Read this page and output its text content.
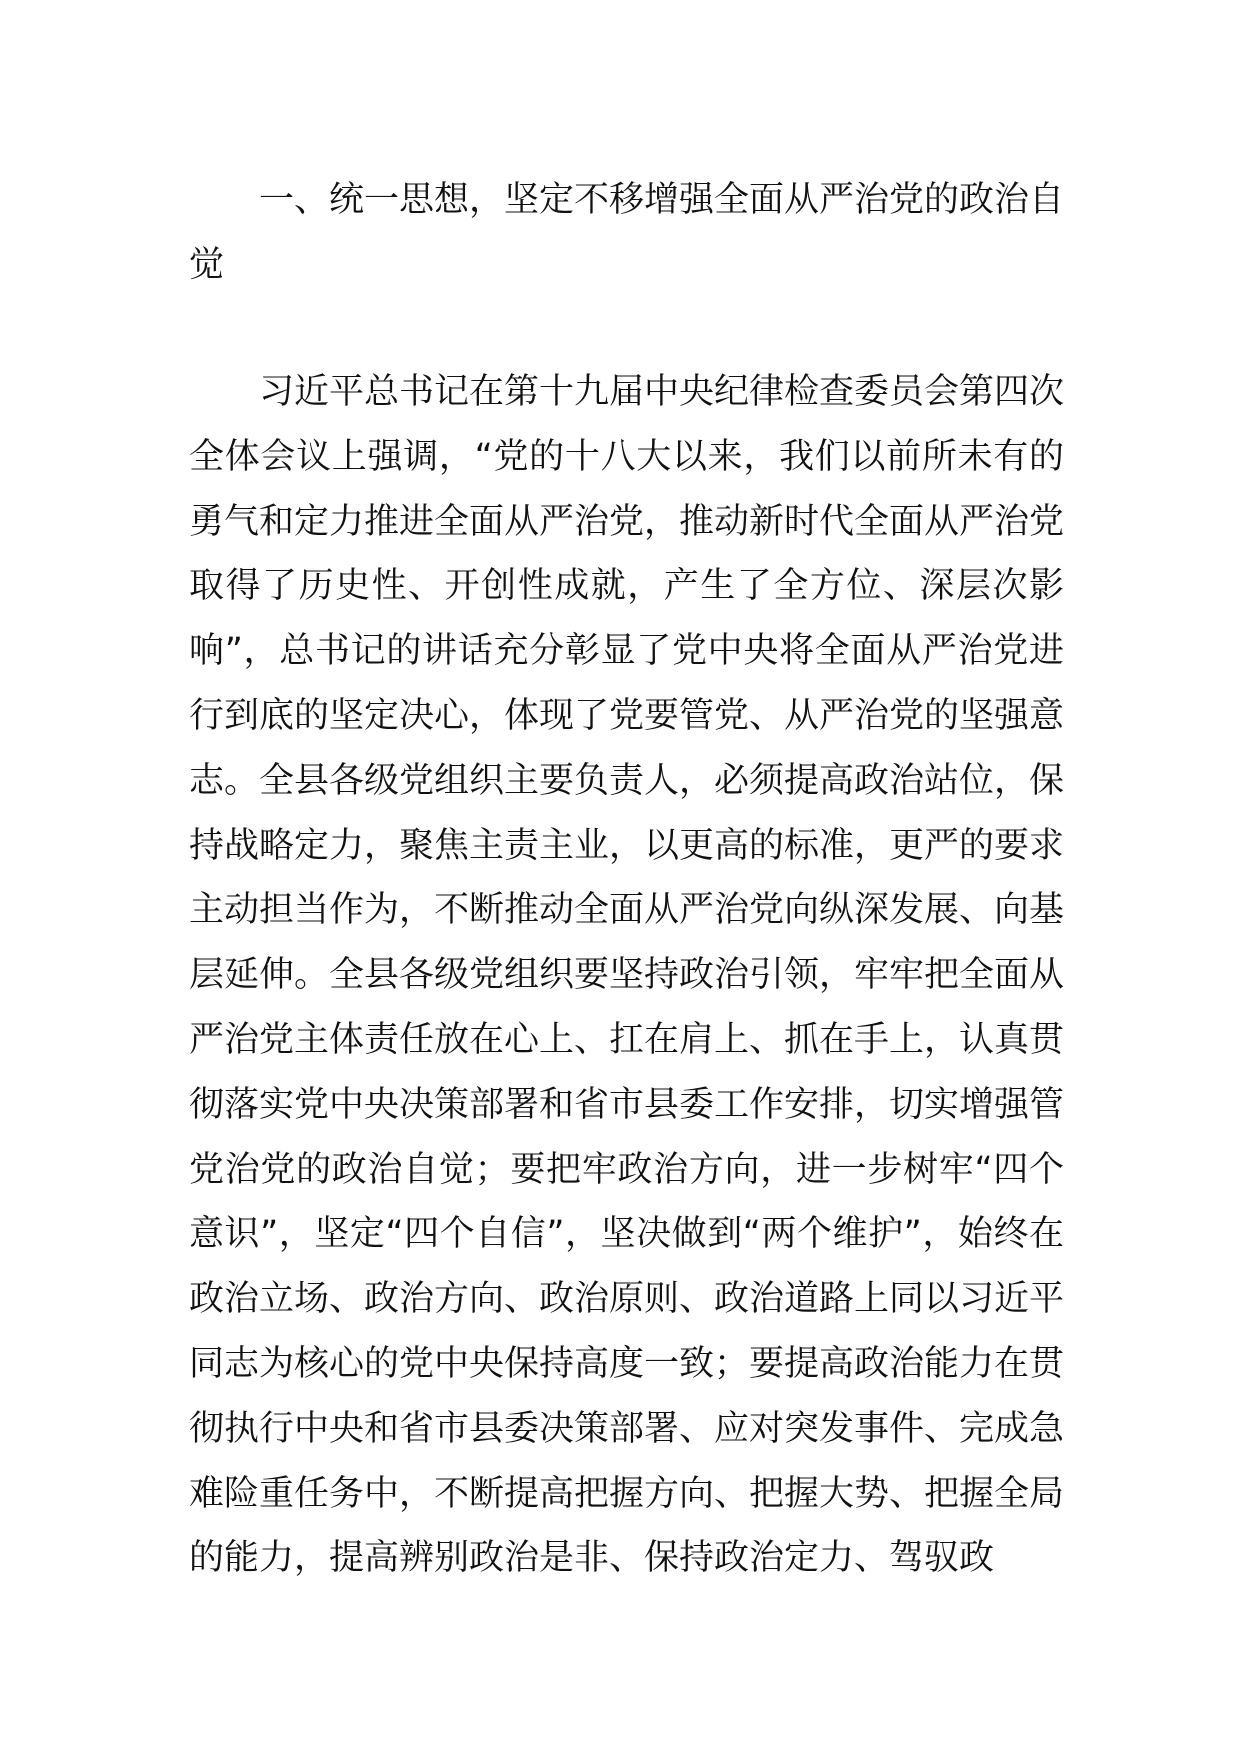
一、统一思想，坚定不移增强全面从严治党的政治自觉

习近平总书记在第十九届中央纪律检查委员会第四次全体会议上强调，“党的十八大以来，我们以前所未有的勇气和定力推进全面从严治党，推动新时代全面从严治党取得了历史性、开创性成就，产生了全方位、深层次影响”，总书记的讲话充分彰显了党中央将全面从严治党进行到底的坚定决心，体现了党要管党、从严治党的坚强意志。全县各级党组织主要负责人，必须提高政治站位，保持战略定力，聚焦主责主业，以更高的标准，更严的要求主动担当作为，不断推动全面从严治党向纵深发展、向基层延伸。全县各级党组织要坚持政治引领，牢牢把全面从严治党主体责任放在心上、扛在肩上、抓在手上，认真贯彻落实党中央决策部署和省市县委工作安排，切实增强管党治党的政治自觉；要把牢政治方向，进一步树牢“四个意识”，坚定“四个自信”，坚决做到“两个维护”，始终在政治立场、政治方向、政治原则、政治道路上同以习近平同志为核心的党中央保持高度一致；要提高政治能力在贯彻执行中央和省市县委决策部署、应对突发事件、完成急难险重任务中，不断提高把握方向、把握大势、把握全局的能力，提高辨别政治是非、保持政治定力、驾驭政
